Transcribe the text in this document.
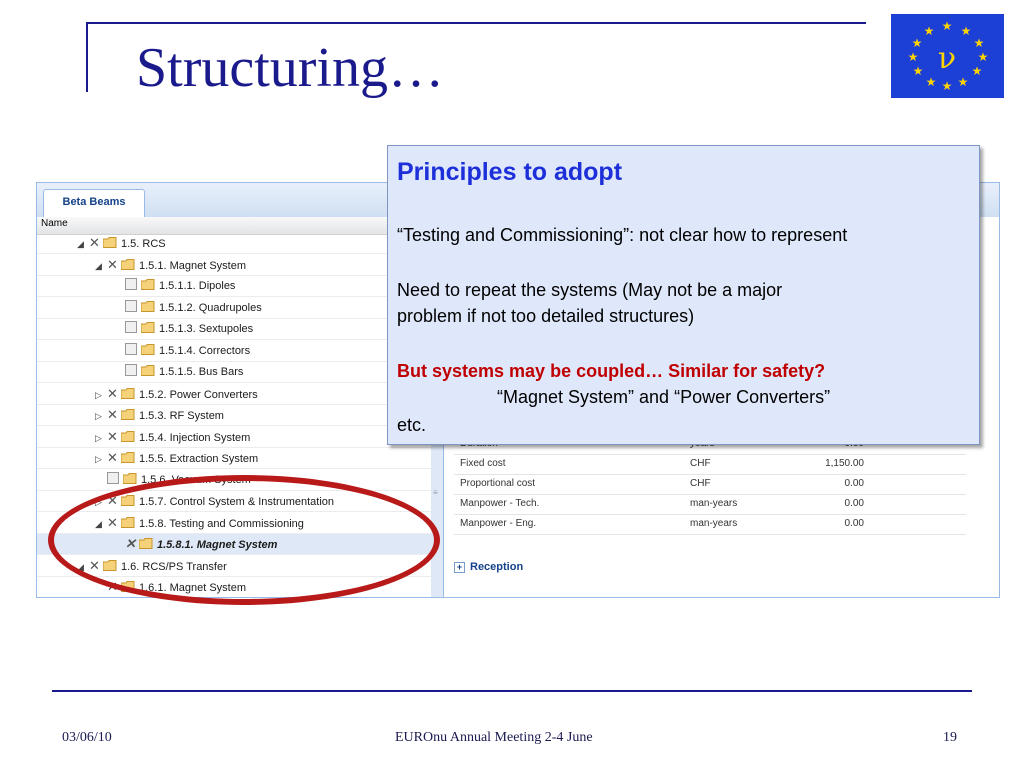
Structuring…
★ ★
★
★
★
★
★
★
★
★
★
★
ν
Beta Beams
Name
◢ ✕ 1.5. RCS
◢ ✕ 1.5.1. Magnet System
1.5.1.1. Dipoles
1.5.1.2. Quadrupoles
1.5.1.3. Sextupoles
1.5.1.4. Correctors
1.5.1.5. Bus Bars
▷ ✕ 1.5.2. Power Converters
▷ ✕ 1.5.3. RF System
▷ ✕ 1.5.4. Injection System
▷ ✕ 1.5.5. Extraction System
1.5.6. Vacuum System
▷ ✕ 1.5.7. Control System & Instrumentation
◢ ✕ 1.5.8. Testing and Commissioning
✕ 1.5.8.1. Magnet System
◢ ✕ 1.6. RCS/PS Transfer
✕ 1.6.1. Magnet System
≡
Fixed cost	CHF	1,150.00
Proportional cost	CHF	0.00
Manpower - Tech.	man-years	0.00
Manpower - Eng.	man-years	0.00
+ Reception
Principles to adopt
“Testing and Commissioning”: not clear how to represent
Need to repeat the systems (May not be a major
problem if not too detailed structures)
But systems may be coupled… Similar for safety?
“Magnet System” and “Power Converters”
etc.
03/06/10	EUROnu Annual Meeting 2-4 June	19
